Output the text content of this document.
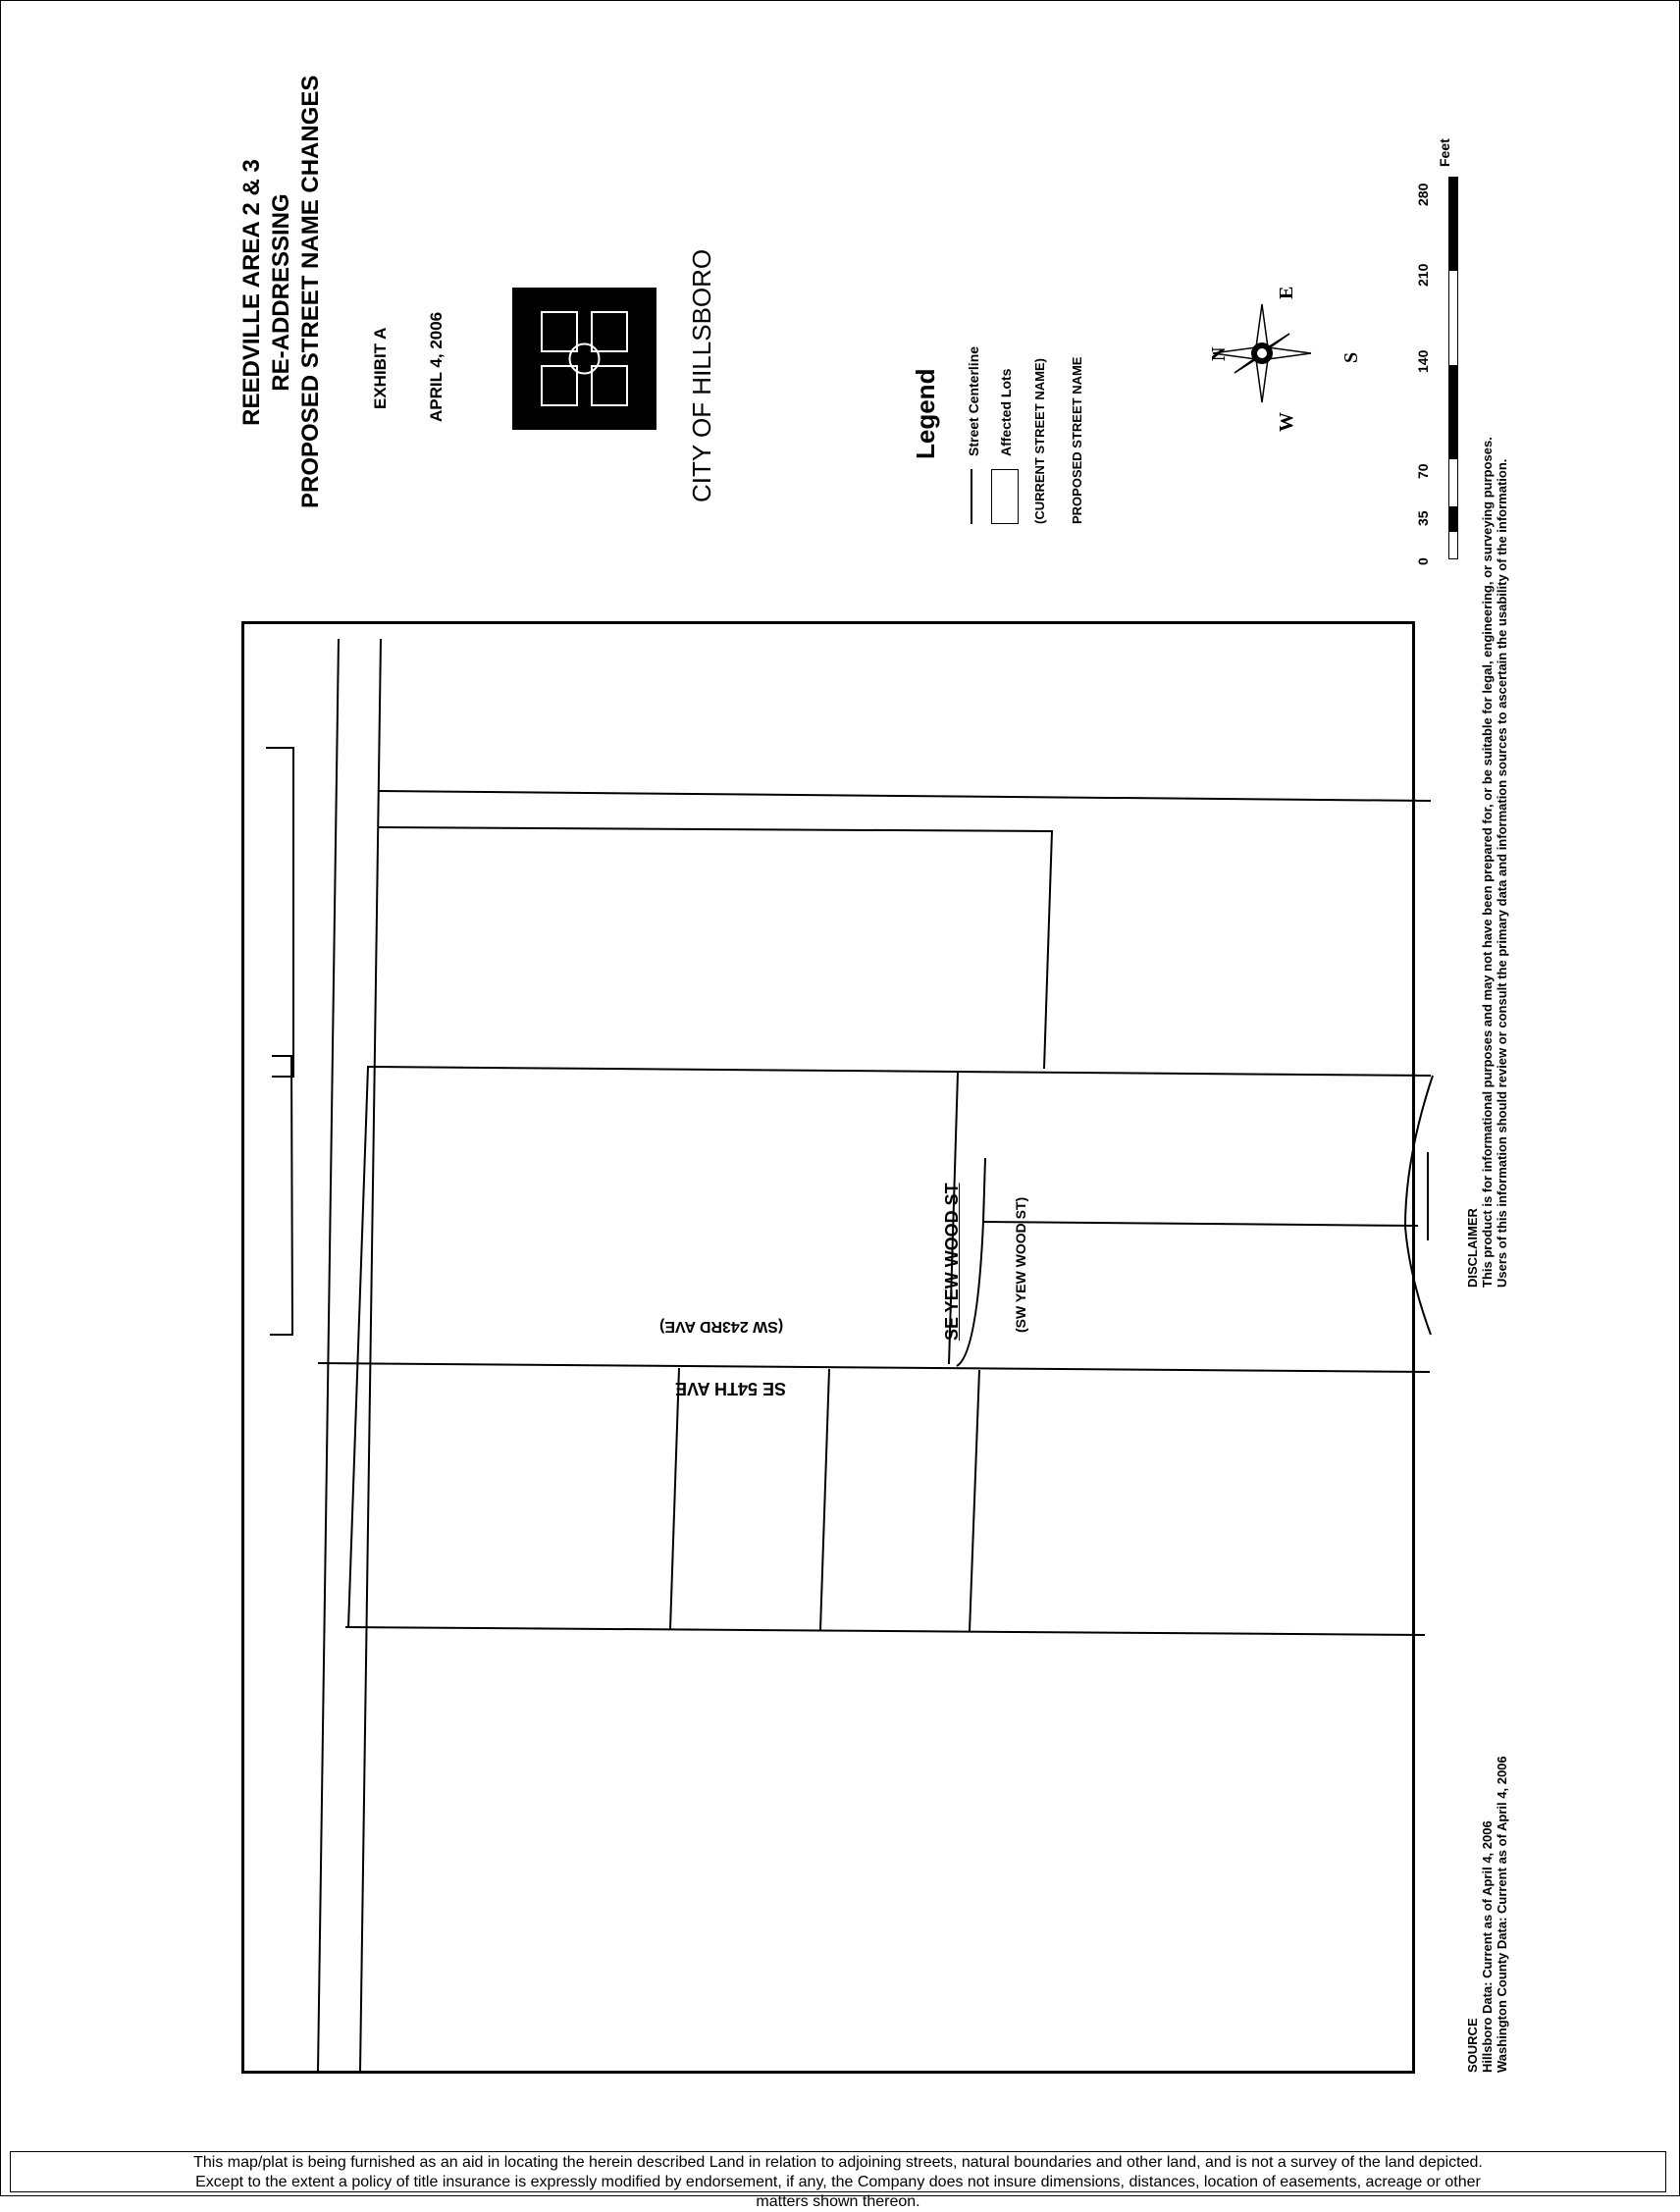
REEDVILLE AREA 2 & 3 RE-ADDRESSING PROPOSED STREET NAME CHANGES	EXHIBIT A APRIL 4, 2006	CITY OF HILLSBORO	Legend Street Centerline Affected Lots (CURRENT STREET NAME) PROPOSED STREET NAME
N
E
S
W
0
35
70
140
210
280
Feet
DISCLAIMER This product is for informational purposes and may not have been prepared for, or be suitable for legal, engineering, or surveying purposes. Users of this information should review or consult the primary data and information sources to ascertain the usability of the information.
SOURCE Hillsboro Data: Current as of April 4, 2006 Washington County Data: Current as of April 4, 2006
SE YEW WOOD ST	(SW YEW WOOD ST)
(SW 243RD AVE)
SE 54TH AVE
This map/plat is being furnished as an aid in locating the herein described Land in relation to adjoining streets, natural boundaries and other land, and is not a survey of the land depicted.
Except to the extent a policy of title insurance is expressly modified by endorsement, if any, the Company does not insure dimensions, distances, location of easements, acreage or other
matters shown thereon.
